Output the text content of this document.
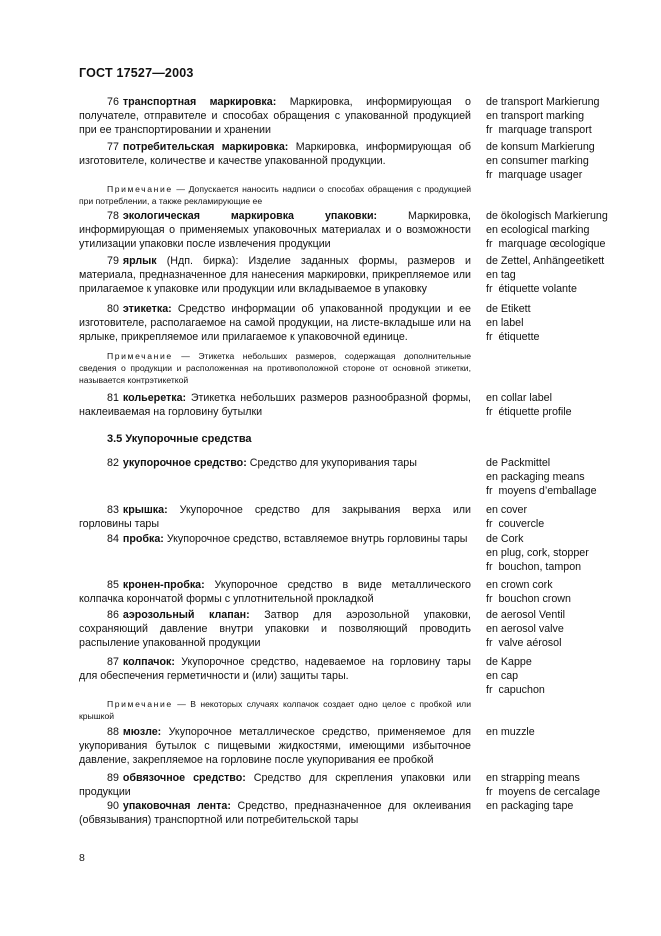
ГОСТ 17527—2003
76 транспортная маркировка: Маркировка, информирующая о получателе, отправителе и способах обращения с упакованной продукцией при ее транспортировании и хранении
de transport Markierung
en transport marking
fr marquage transport
77 потребительская маркировка: Маркировка, информирующая об изготовителе, количестве и качестве упакованной продукции.
de konsum Markierung
en consumer marking
fr marquage usager
Примечание — Допускается наносить надписи о способах обращения с продукцией при потреблении, а также рекламирующие ее
78 экологическая маркировка упаковки: Маркировка, информирующая о применяемых упаковочных материалах и о возможности утилизации упаковки после извлечения продукции
de ökologisch Markierung
en ecological marking
fr marquage œcologique
79 ярлык (Ндп. бирка): Изделие заданных формы, размеров и материала, предназначенное для нанесения маркировки, прикрепляемое или прилагаемое к упаковке или продукции или вкладываемое в упаковку
de Zettel, Anhängeetikett
en tag
fr étiquette volante
80 этикетка: Средство информации об упакованной продукции и ее изготовителе, располагаемое на самой продукции, на листе-вкладыше или на ярлыке, прикрепляемое или прилагаемое к упаковочной единице.
de Etikett
en label
fr étiquette
Примечание — Этикетка небольших размеров, содержащая дополнительные сведения о продукции и расположенная на противоположной стороне от основной этикетки, называется контрэтикеткой
81 кольеретка: Этикетка небольших размеров разнообразной формы, наклеиваемая на горловину бутылки
en collar label
fr étiquette profile
3.5 Укупорочные средства
82 укупорочное средство: Средство для укупоривания тары	de Packmittel
en packaging means
fr moyens d’emballage
83 крышка: Укупорочное средство для закрывания верха или горловины тары
en cover
fr couvercle
84 пробка: Укупорочное средство, вставляемое внутрь горловины тары	de Cork
en plug, cork, stopper
fr bouchon, tampon
85 кронен-пробка: Укупорочное средство в виде металлического колпачка корончатой формы с уплотнительной прокладкой
en crown cork
fr bouchon crown
86 аэрозольный клапан: Затвор для аэрозольной упаковки, сохраняющий давление внутри упаковки и позволяющий проводить распыление упакованной продукции
de aerosol Ventil
en aerosol valve
fr valve aérosol
87 колпачок: Укупорочное средство, надеваемое на горловину тары для обеспечения герметичности и (или) защиты тары.
de Kappe
en cap
fr capuchon
Примечание — В некоторых случаях колпачок создает одно целое с пробкой или крышкой
88 мюзле: Укупорочное металлическое средство, применяемое для укупоривания бутылок с пищевыми жидкостями, имеющими избыточное давление, закрепляемое на горловине после укупоривания ее пробкой
en muzzle
89 обвязочное средство: Средство для скрепления упаковки или продукции
en strapping means
fr moyens de cercalage
90 упаковочная лента: Средство, предназначенное для оклеивания (обвязывания) транспортной или потребительской тары
en packaging tape
8
